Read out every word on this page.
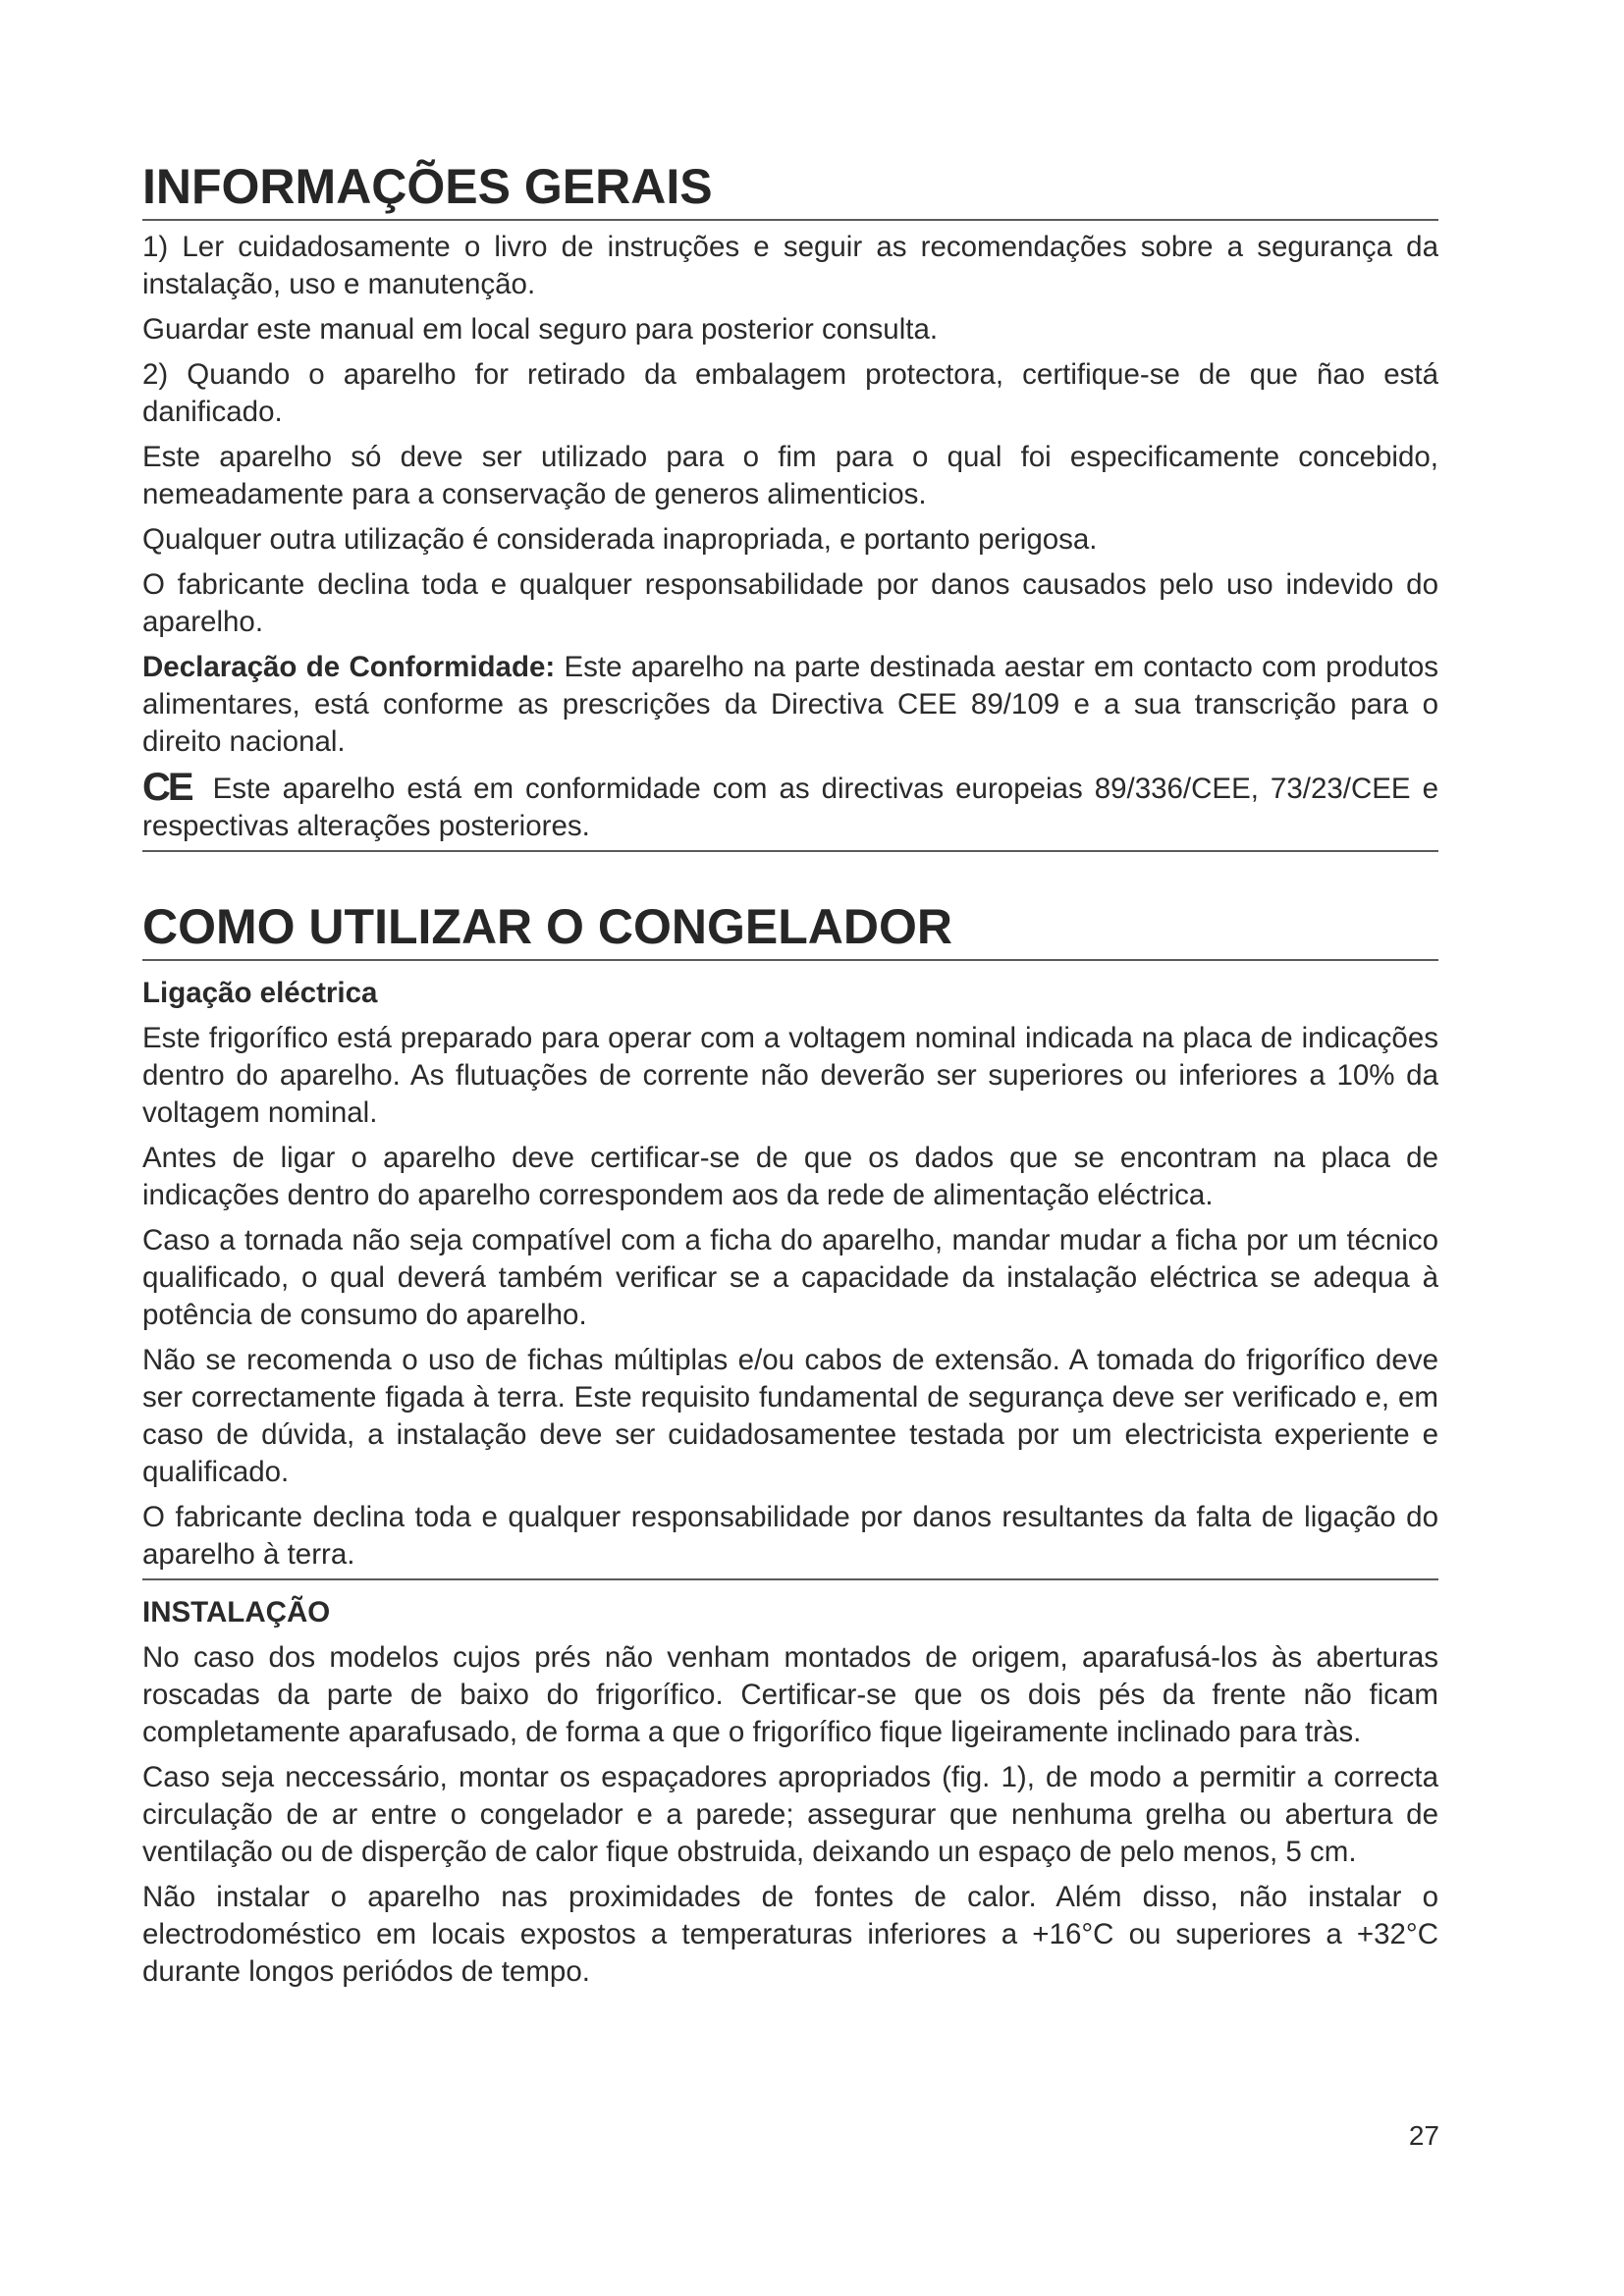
INFORMAÇÕES GERAIS

1) Ler cuidadosamente o livro de instruções e seguir as recomendações sobre a segurança da instalação, uso e manutenção.

Guardar este manual em local seguro para posterior consulta.

2) Quando o aparelho for retirado da embalagem protectora, certifique-se de que ñao está danificado.

Este aparelho só deve ser utilizado para o fim para o qual foi especificamente concebido, nemeadamente para a conservação de generos alimenticios.

Qualquer outra utilização é considerada inapropriada, e portanto perigosa.

O fabricante declina toda e qualquer responsabilidade por danos causados pelo uso indevido do aparelho.

Declaração de Conformidade: Este aparelho na parte destinada aestar em contacto com produtos alimentares, está conforme as prescrições da Directiva CEE 89/109 e a sua transcrição para o direito nacional.

CE Este aparelho está em conformidade com as directivas europeias 89/336/CEE, 73/23/CEE e respectivas alterações posteriores.

COMO UTILIZAR O CONGELADOR

Ligação eléctrica

Este frigorífico está preparado para operar com a voltagem nominal indicada na placa de indicações dentro do aparelho. As flutuações de corrente não deverão ser superiores ou inferiores a 10% da voltagem nominal.

Antes de ligar o aparelho deve certificar-se de que os dados que se encontram na placa de indicações dentro do aparelho correspondem aos da rede de alimentação eléctrica.

Caso a tornada não seja compatível com a ficha do aparelho, mandar mudar a ficha por um técnico qualificado, o qual deverá também verificar se a capacidade da instalação eléctrica se adequa à potência de consumo do aparelho.

Não se recomenda o uso de fichas múltiplas e/ou cabos de extensão. A tomada do frigorífico deve ser correctamente figada à terra. Este requisito fundamental de segurança deve ser verificado e, em caso de dúvida, a instalação deve ser cuidadosamentee testada por um electricista experiente e qualificado.

O fabricante declina toda e qualquer responsabilidade por danos resultantes da falta de ligação do aparelho à terra.

INSTALAÇÃO

No caso dos modelos cujos prés não venham montados de origem, aparafusá-los às aberturas roscadas da parte de baixo do frigorífico. Certificar-se que os dois pés da frente não ficam completamente aparafusado, de forma a que o frigorífico fique ligeiramente inclinado para tràs.

Caso seja neccessário, montar os espaçadores apropriados (fig. 1), de modo a permitir a correcta circulação de ar entre o congelador e a parede; assegurar que nenhuma grelha ou abertura de ventilação ou de disperção de calor fique obstruida, deixando un espaço de pelo menos, 5 cm.

Não instalar o aparelho nas proximidades de fontes de calor. Além disso, não instalar o electrodoméstico em locais expostos a temperaturas inferiores a +16°C ou superiores a +32°C durante longos periódos de tempo.

27
